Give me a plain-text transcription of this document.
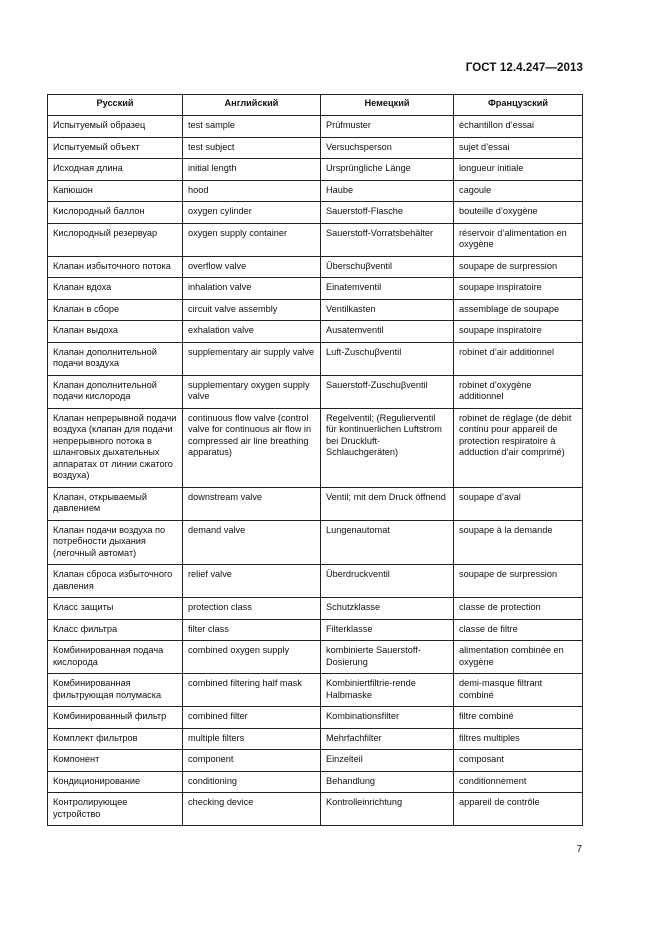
ГОСТ 12.4.247—2013
Русский	Английский	Немецкий	Французский
Испытуемый образец	test sample	Prüfmuster	échantillon d’essai
Испытуемый объект	test subject	Versuchsperson	sujet d’essai
Исходная длина	initial length	Ursprüngliche Länge	longueur initiale
Капюшон	hood	Haube	cagoule
Кислородный баллон	oxygen cylinder	Sauerstoff-Flasche	bouteille d’oxygène
Кислородный резервуар	oxygen supply container	Sauerstoff-Vorratsbehälter	réservoir d’alimentation en oxygène
Клапан избыточного потока	overflow valve	Überschuβventil	soupape de surpression
Клапан вдоха	inhalation valve	Einatemventil	soupape inspiratoire
Клапан в сборе	circuit valve assembly	Ventilkasten	assemblage de soupape
Клапан выдоха	exhalation valve	Ausatemventil	soupape inspiratoire
Клапан дополнительной подачи воздуха	supplementary air supply valve	Luft-Zuschuβventil	robinet d’air additionnel
Клапан дополнительной подачи кислорода	supplementary oxygen supply valve	Sauerstoff-Zuschuβventil	robinet d’oxygène additionnel
Клапан непрерывной подачи воздуха (клапан для подачи непрерывного потока в шланговых дыхательных аппаратах от линии сжатого воздуха)	continuous flow valve (control valve for continuous air flow in compressed air line breathing apparatus)	Regelventil; (Regulierventil für kontinuerlichen Luftstrom bei Druckluft-Schlauchgeräten)	robinet de réglage (de débit continu pour appareil de protection respiratoire à adduction d’air comprimé)
Клапан, открываемый давлением	downstream valve	Ventil; mit dem Druck öffnend	soupape d’aval
Клапан подачи воздуха по потребности дыхания (легочный автомат)	demand valve	Lungenautomat	soupape à la demande
Клапан сброса избыточного давления	relief valve	Überdruckventil	soupape de surpression
Класс защиты	protection class	Schutzklasse	classe de protection
Класс фильтра	filter class	Filterklasse	classe de filtre
Комбинированная подача кислорода	combined oxygen supply	kombinierte Sauerstoff-Dosierung	alimentation combinée en oxygène
Комбинированная фильтрующая полумаска	combined filtering half mask	Kombiniertfiltrie-rende Halbmaske	demi-masque filtrant combiné
Комбинированный фильтр	combined filter	Kombinationsfilter	filtre combiné
Комплект фильтров	multiple filters	Mehrfachfilter	filtres multiples
Компонент	component	Einzelteil	composant
Кондиционирование	conditioning	Behandlung	conditionnement
Контролирующее устройство	checking device	Kontrolleinrichtung	appareil de contrôle
7
